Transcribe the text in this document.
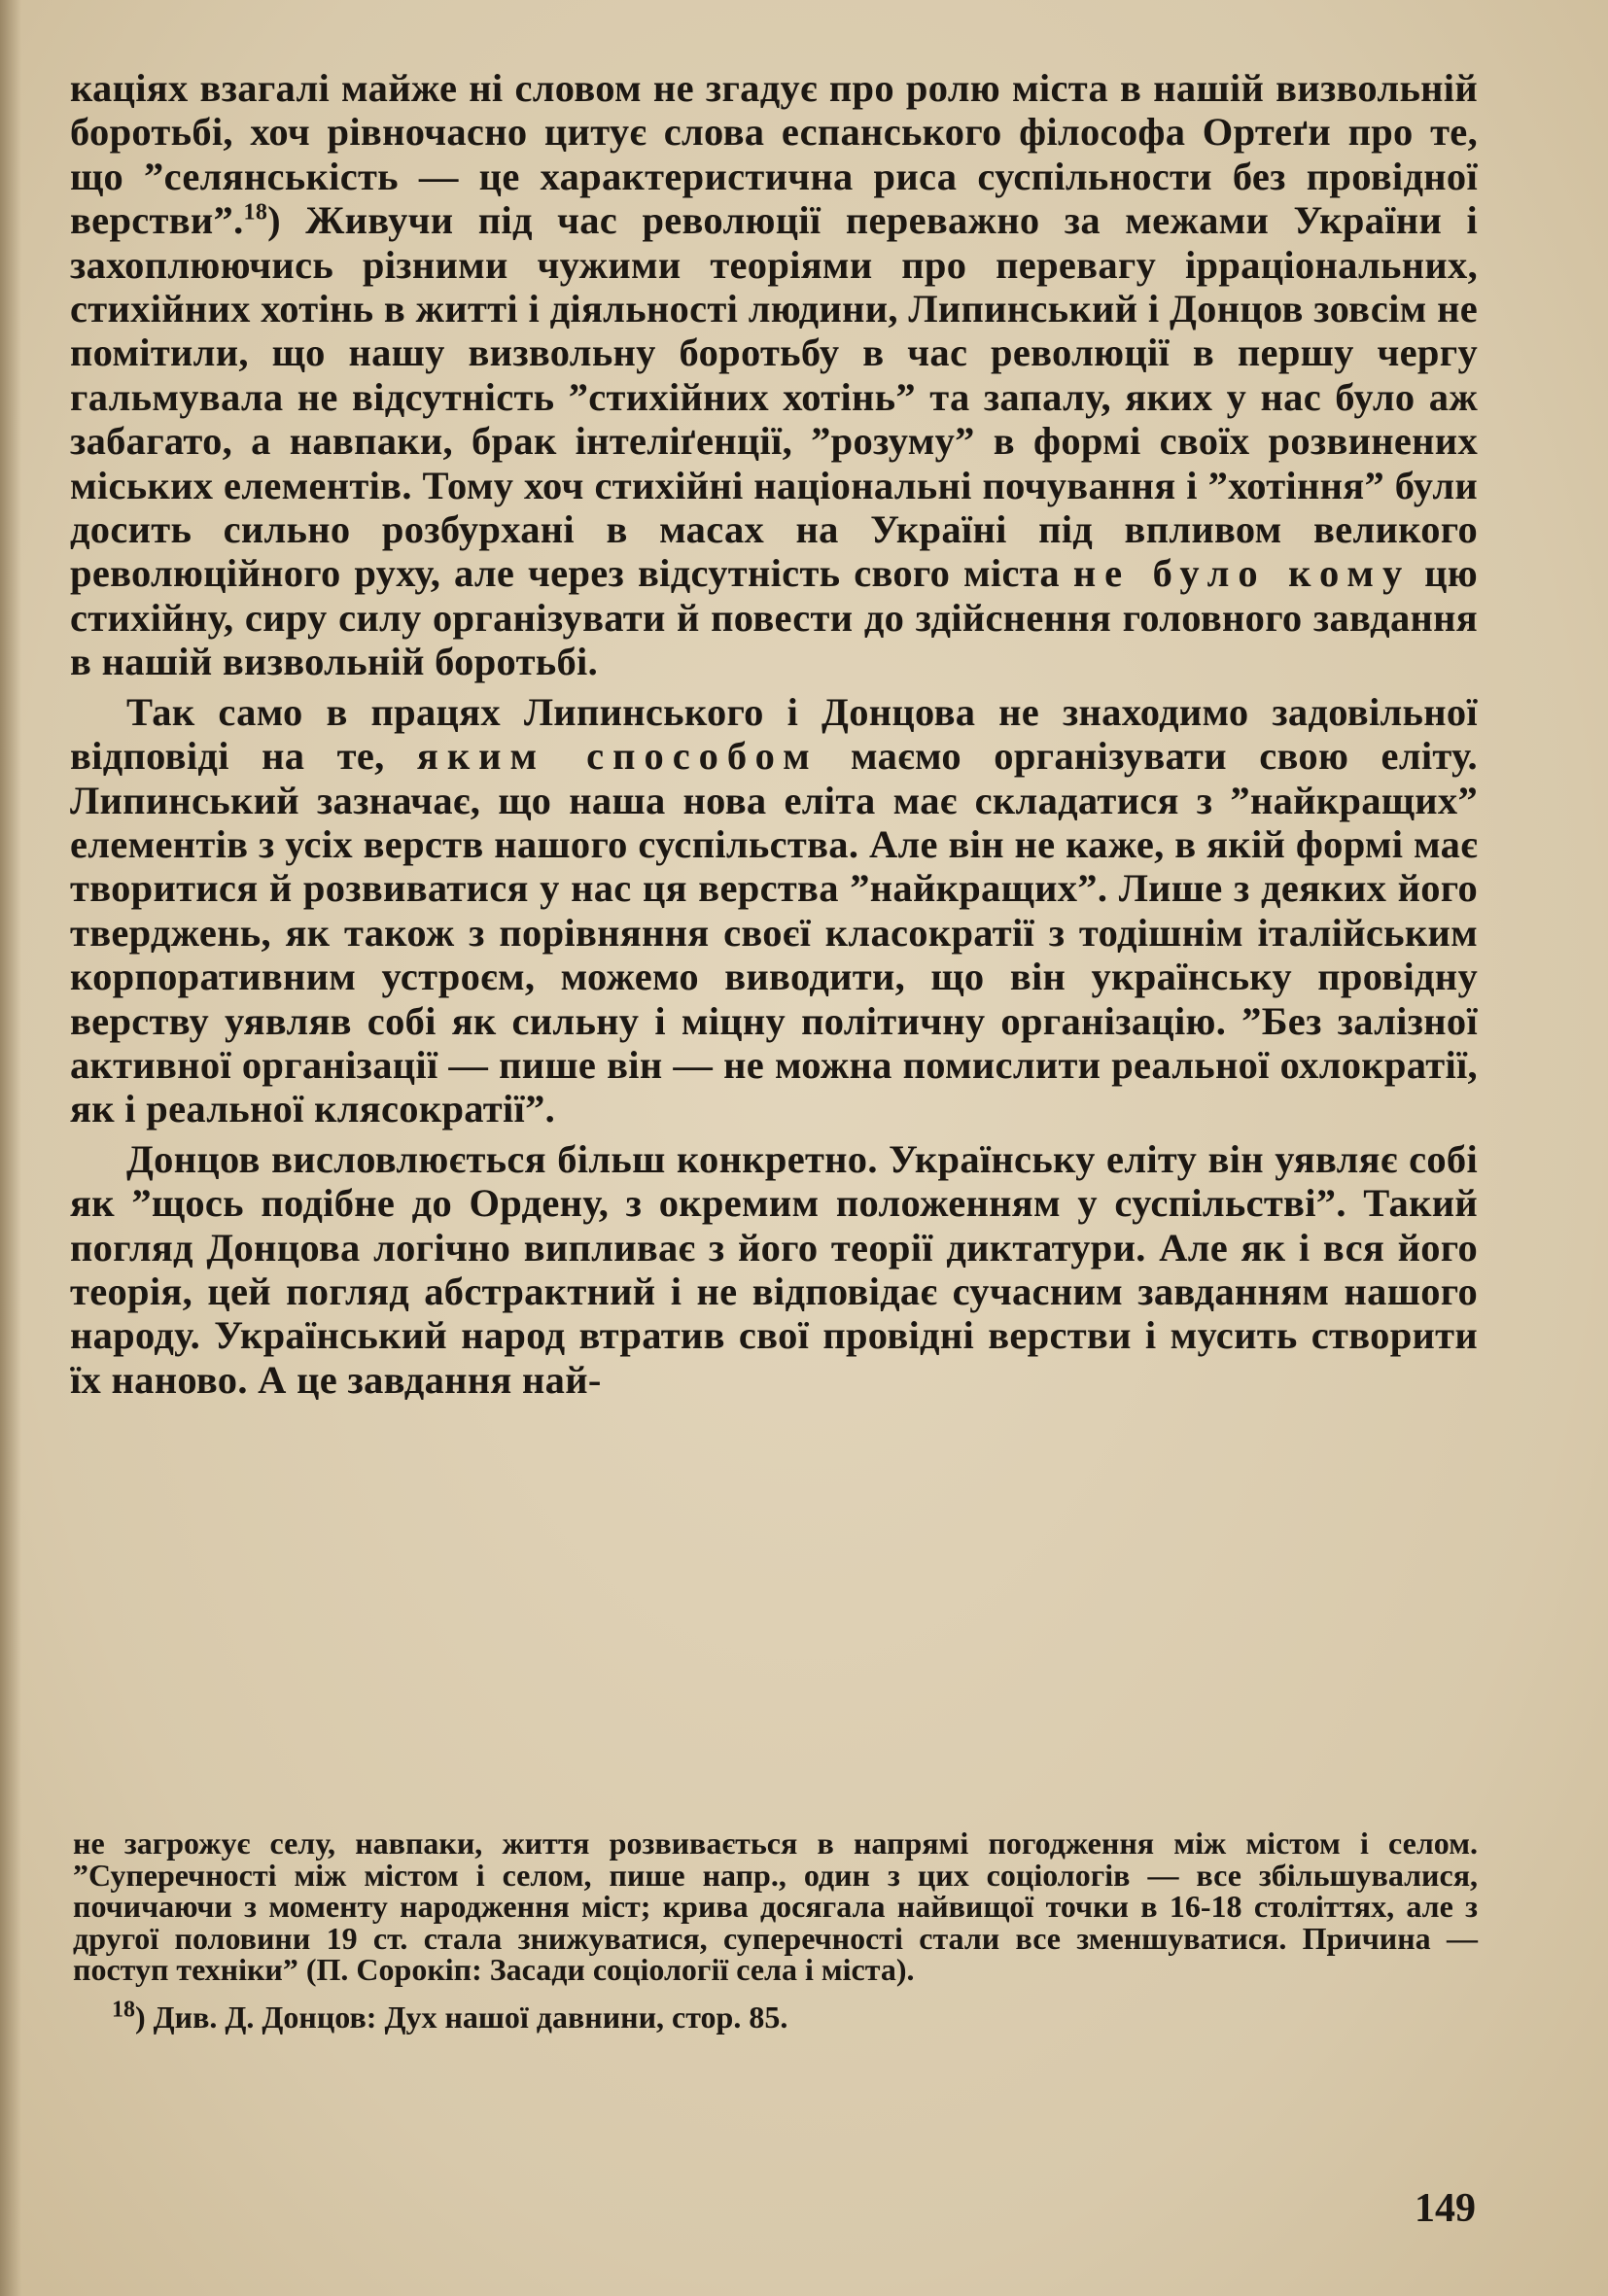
кацiях взагалi майже нi словом не згадує про ролю мiста в нашiй визвольнiй боротьбi, хоч рiвночасно цитує слова еспанського фiлософа Ортеґи про те, що ”селянськiсть — це характеристична риса суспiльности без провiдної верстви”.$^{18}$) Живучи пiд час революцiї переважно за межами України i захоплюючись рiзними чужими теорiями про перевагу iррацiональних, стихiйних хотiнь в життi i дiяльностi людини, Липинський i Донцов зовсiм не помiтили, що нашу визвольну боротьбу в час революцiї в першу чергу гальмувала не вiдсутнiсть ”стихiйних хотiнь” та запалу, яких у нас було аж забагато, а навпаки, брак iнтелiґенцiї, ”розуму” в формi своїх розвинених мiських елементiв. Тому хоч стихiйнi нацiональнi почування i ”хотiння” були досить сильно розбурханi в масах на Українi пiд впливом великого революцiйного руху, але через вiдсутнiсть свого мiста не було кому цю стихiйну, сиру силу органiзувати й повести до здiйснення головного завдання в нашiй визвольнiй боротьбi.

Так само в працях Липинського i Донцова не знаходимо задовiльної вiдповiдi на те, яким способом маємо органiзувати свою елiту. Липинський зазначає, що наша нова елiта має складатися з ”найкращих” елементiв з усiх верств нашого суспiльства. Але вiн не каже, в якiй формi має творитися й розвиватися у нас ця верства ”найкращих”. Лише з деяких його тверджень, як також з порiвняння своєї класократiї з тодiшнiм iталiйським корпоративним устроєм, можемо виводити, що вiн українську провiдну верству уявляв собi як сильну i мiцну полiтичну органiзацiю. ”Без залiзної активної органiзацiї — пише вiн — не можна помислити реальної охлократiї, як i реальної клясократiї”.

Донцов висловлюється бiльш конкретно. Українську елiту вiн уявляє собi як ”щось подiбне до Ордену, з окремим положенням у суспiльствi”. Такий погляд Донцова логiчно випливає з його теорiї диктатури. Але як i вся його теорiя, цей погляд абстрактний i не вiдповiдає сучасним завданням нашого народу. Український народ втратив свої провiднi верстви i мусить створити їх наново. А це завдання най-

не загрожує селу, навпаки, життя розвивається в напрямi погодження мiж мiстом i селом. ”Суперечностi мiж мiстом i селом, пише напр., один з цих соцiологiв — все збiльшувалися, почичаючи з моменту народження мiст; крива досягала найвищої точки в 16-18 столiттях, але з другої половини 19 ст. стала знижуватися, суперечностi стали все зменшуватися. Причина — поступ технiки” (П. Сорокiп: Засади соцiологiї села i мiста).

$^{18}$) Див. Д. Донцов: Дух нашої давнини, стор. 85.

149
